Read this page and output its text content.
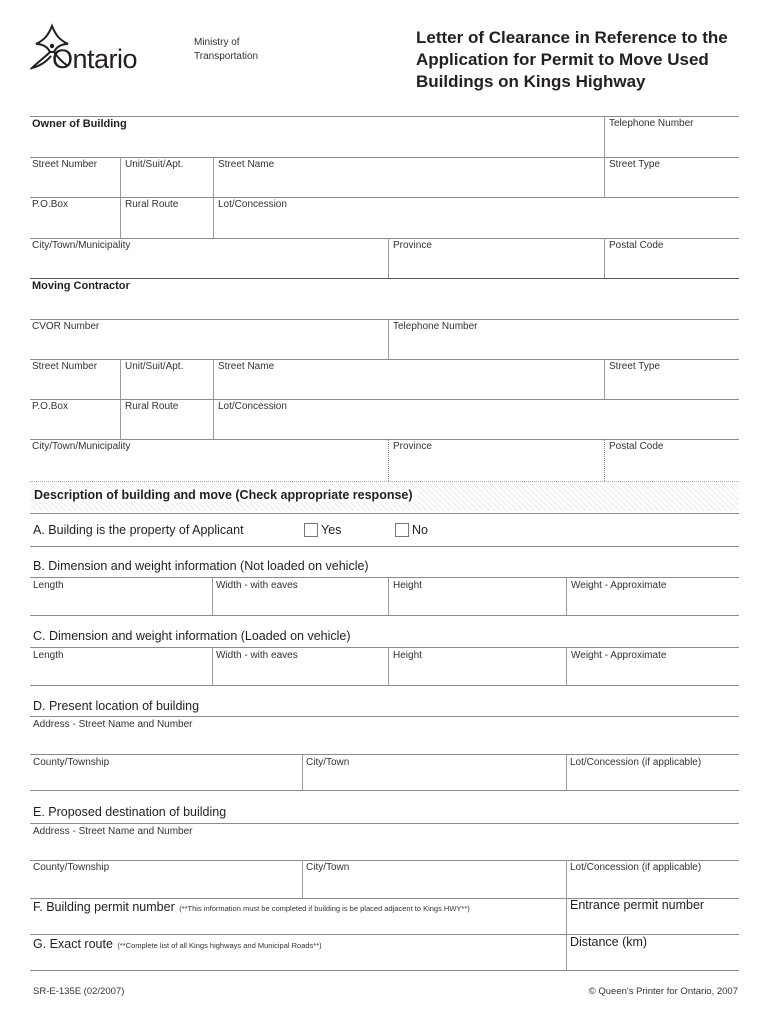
Ontario
Ministry of
Transportation
Letter of Clearance in Reference to the
Application for Permit to Move Used
Buildings on Kings Highway
Owner of Building	Telephone Number
Street Number	Unit/Suit/Apt.	Street Name	Street Type
P.O.Box	Rural Route	Lot/Concession
City/Town/Municipality	Province	Postal Code
Moving Contractor
CVOR Number	Telephone Number
Street Number	Unit/Suit/Apt.	Street Name	Street Type
P.O.Box	Rural Route	Lot/Concession
City/Town/Municipality	Province	Postal Code
Description of building and move (Check appropriate response)
A. Building is the property of Applicant	Yes	No
B. Dimension and weight information (Not loaded on vehicle)
Length	Width - with eaves	Height	Weight - Approximate
C. Dimension and weight information (Loaded on vehicle)
Length	Width - with eaves	Height	Weight - Approximate
D. Present location of building
Address - Street Name and Number
County/Township	City/Town	Lot/Concession (if applicable)
E. Proposed destination of building
Address - Street Name and Number
County/Township	City/Town	Lot/Concession (if applicable)
F. Building permit number (**This information must be completed if building is be placed adjacent to Kings HWY**)	Entrance permit number
G. Exact route (**Complete list of all Kings highways and Municipal Roads**)	Distance (km)
SR-E-135E (02/2007)	© Queen's Printer for Ontario, 2007
